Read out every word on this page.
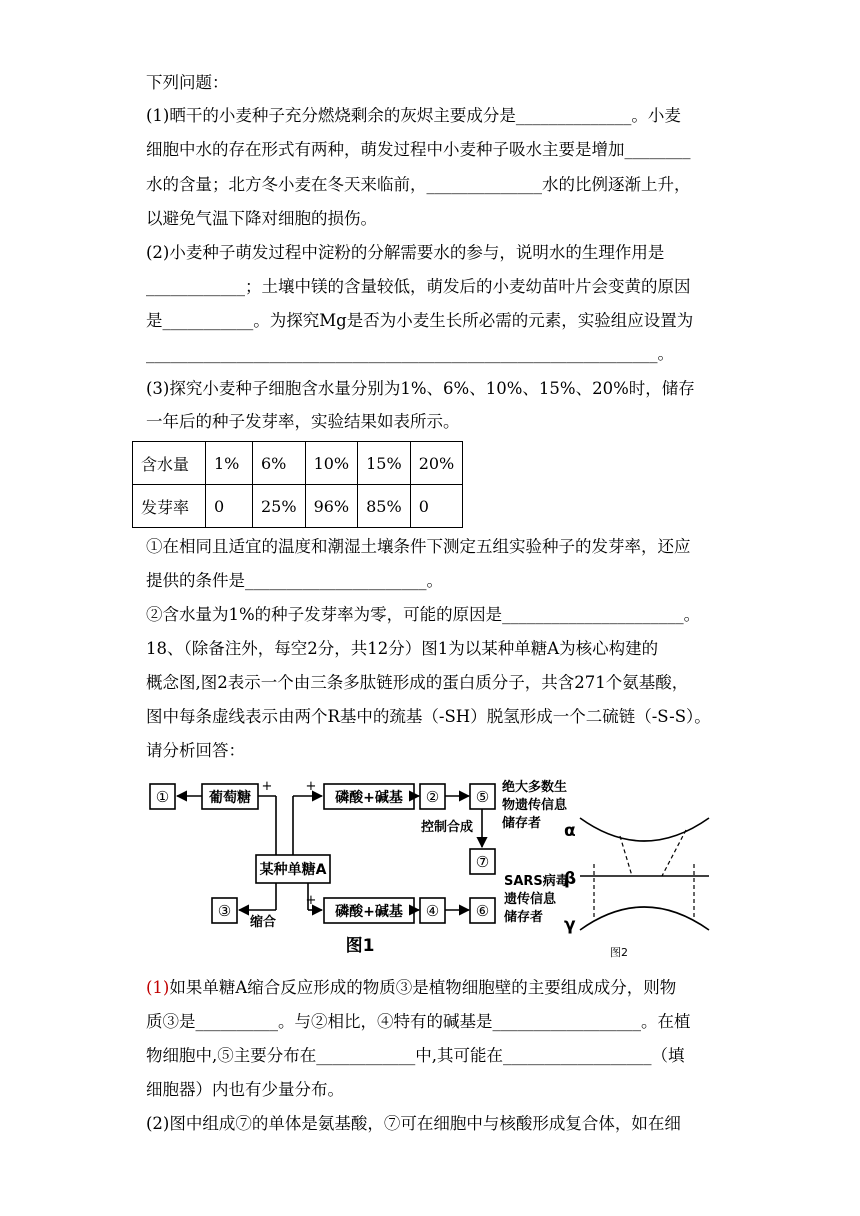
下列问题：
(1)晒干的小麦种子充分燃烧剩余的灰烬主要成分是______________。小麦
细胞中水的存在形式有两种，萌发过程中小麦种子吸水主要是增加________
水的含量；北方冬小麦在冬天来临前，______________水的比例逐渐上升，
以避免气温下降对细胞的损伤。
(2)小麦种子萌发过程中淀粉的分解需要水的参与，说明水的生理作用是
____________；土壤中镁的含量较低，萌发后的小麦幼苗叶片会变黄的原因
是___________。为探究Mg是否为小麦生长所必需的元素，实验组应设置为
______________________________________________________________。
(3)探究小麦种子细胞含水量分别为1%、6%、10%、15%、20%时，储存
一年后的种子发芽率，实验结果如表所示。
含水量	1%	6%	10%	15%	20%
发芽率	0	25%	96%	85%	0
①在相同且适宜的温度和潮湿土壤条件下测定五组实验种子的发芽率，还应
提供的条件是______________________。
②含水量为1%的种子发芽率为零，可能的原因是______________________。
18、（除备注外，每空2分，共12分）图1为以某种单糖A为核心构建的
概念图,图2表示一个由三条多肽链形成的蛋白质分子，共含271个氨基酸，
图中每条虚线表示由两个R基中的巯基（-SH）脱氢形成一个二硫链（-S-S）。
请分析回答：
①	葡萄糖
+	+
磷酸+碱基 ② ⑤
绝大多数生
物遗传信息
储存者
控制合成
⑦
某种单糖A
+
③
缩合
磷酸+碱基 ④ ⑥
SARS病毒
遗传信息
储存者
图1
α
β
γ
图2
(1)如果单糖A缩合反应形成的物质③是植物细胞壁的主要组成成分，则物
质③是__________。与②相比，④特有的碱基是__________________。在植
物细胞中,⑤主要分布在____________中,其可能在__________________（填
细胞器）内也有少量分布。
(2)图中组成⑦的单体是氨基酸，⑦可在细胞中与核酸形成复合体，如在细
